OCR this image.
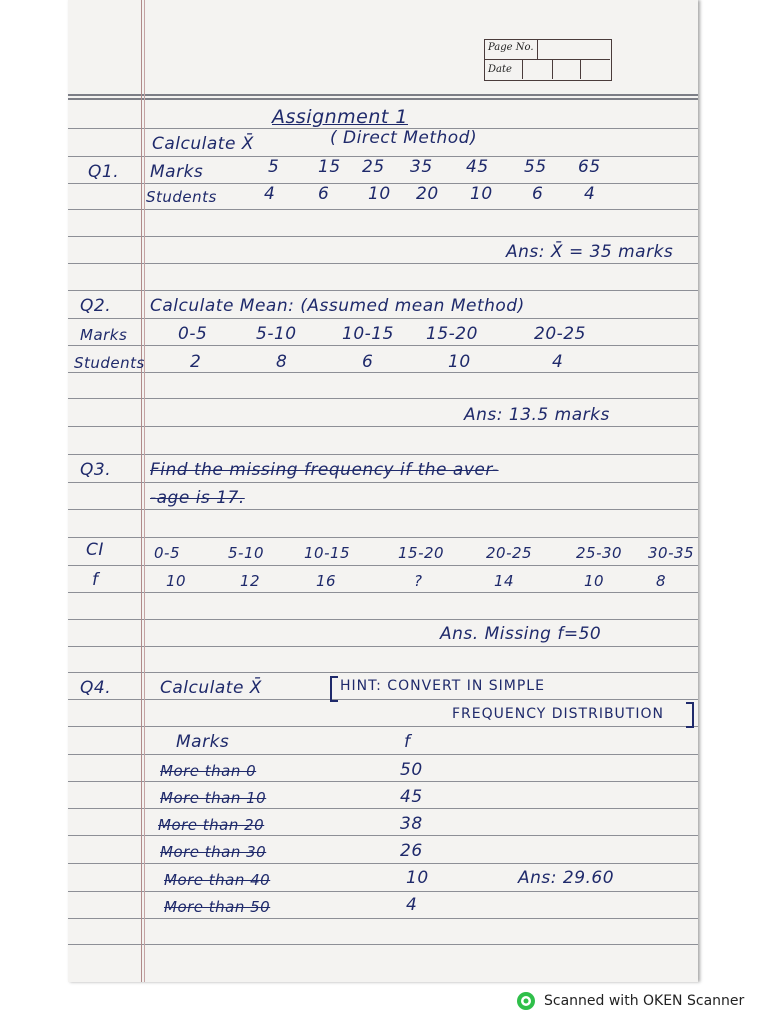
Page No.
Date
Assignment 1
Calculate X̄	( Direct Method)
Q1. Marks	5 15 25 35 45 55 65
Students	4	6 10 20 10 6 4
Ans: X̄ = 35 marks
Q2. Calculate Mean: (Assumed mean Method)
Marks	0-5	5-10	10-15 15-20	20-25
Students	2	8	6	10	4
Ans: 13.5 marks
Q3. Find the missing frequency if the aver-
-age is 17.
CI	0-5	5-10	10-15	15-20	20-25	25-30 30-35
f	10	12	16	?	14	10	8
Ans. Missing f=50
Q4.	Calculate X̄	HINT: CONVERT IN SIMPLE
FREQUENCY DISTRIBUTION
Marks	f
More than 0	50
More than 10	45
More than 20	38
More than 30	26
More than 40	10
More than 50	4
Ans: 29.60
Scanned with OKEN Scanner
